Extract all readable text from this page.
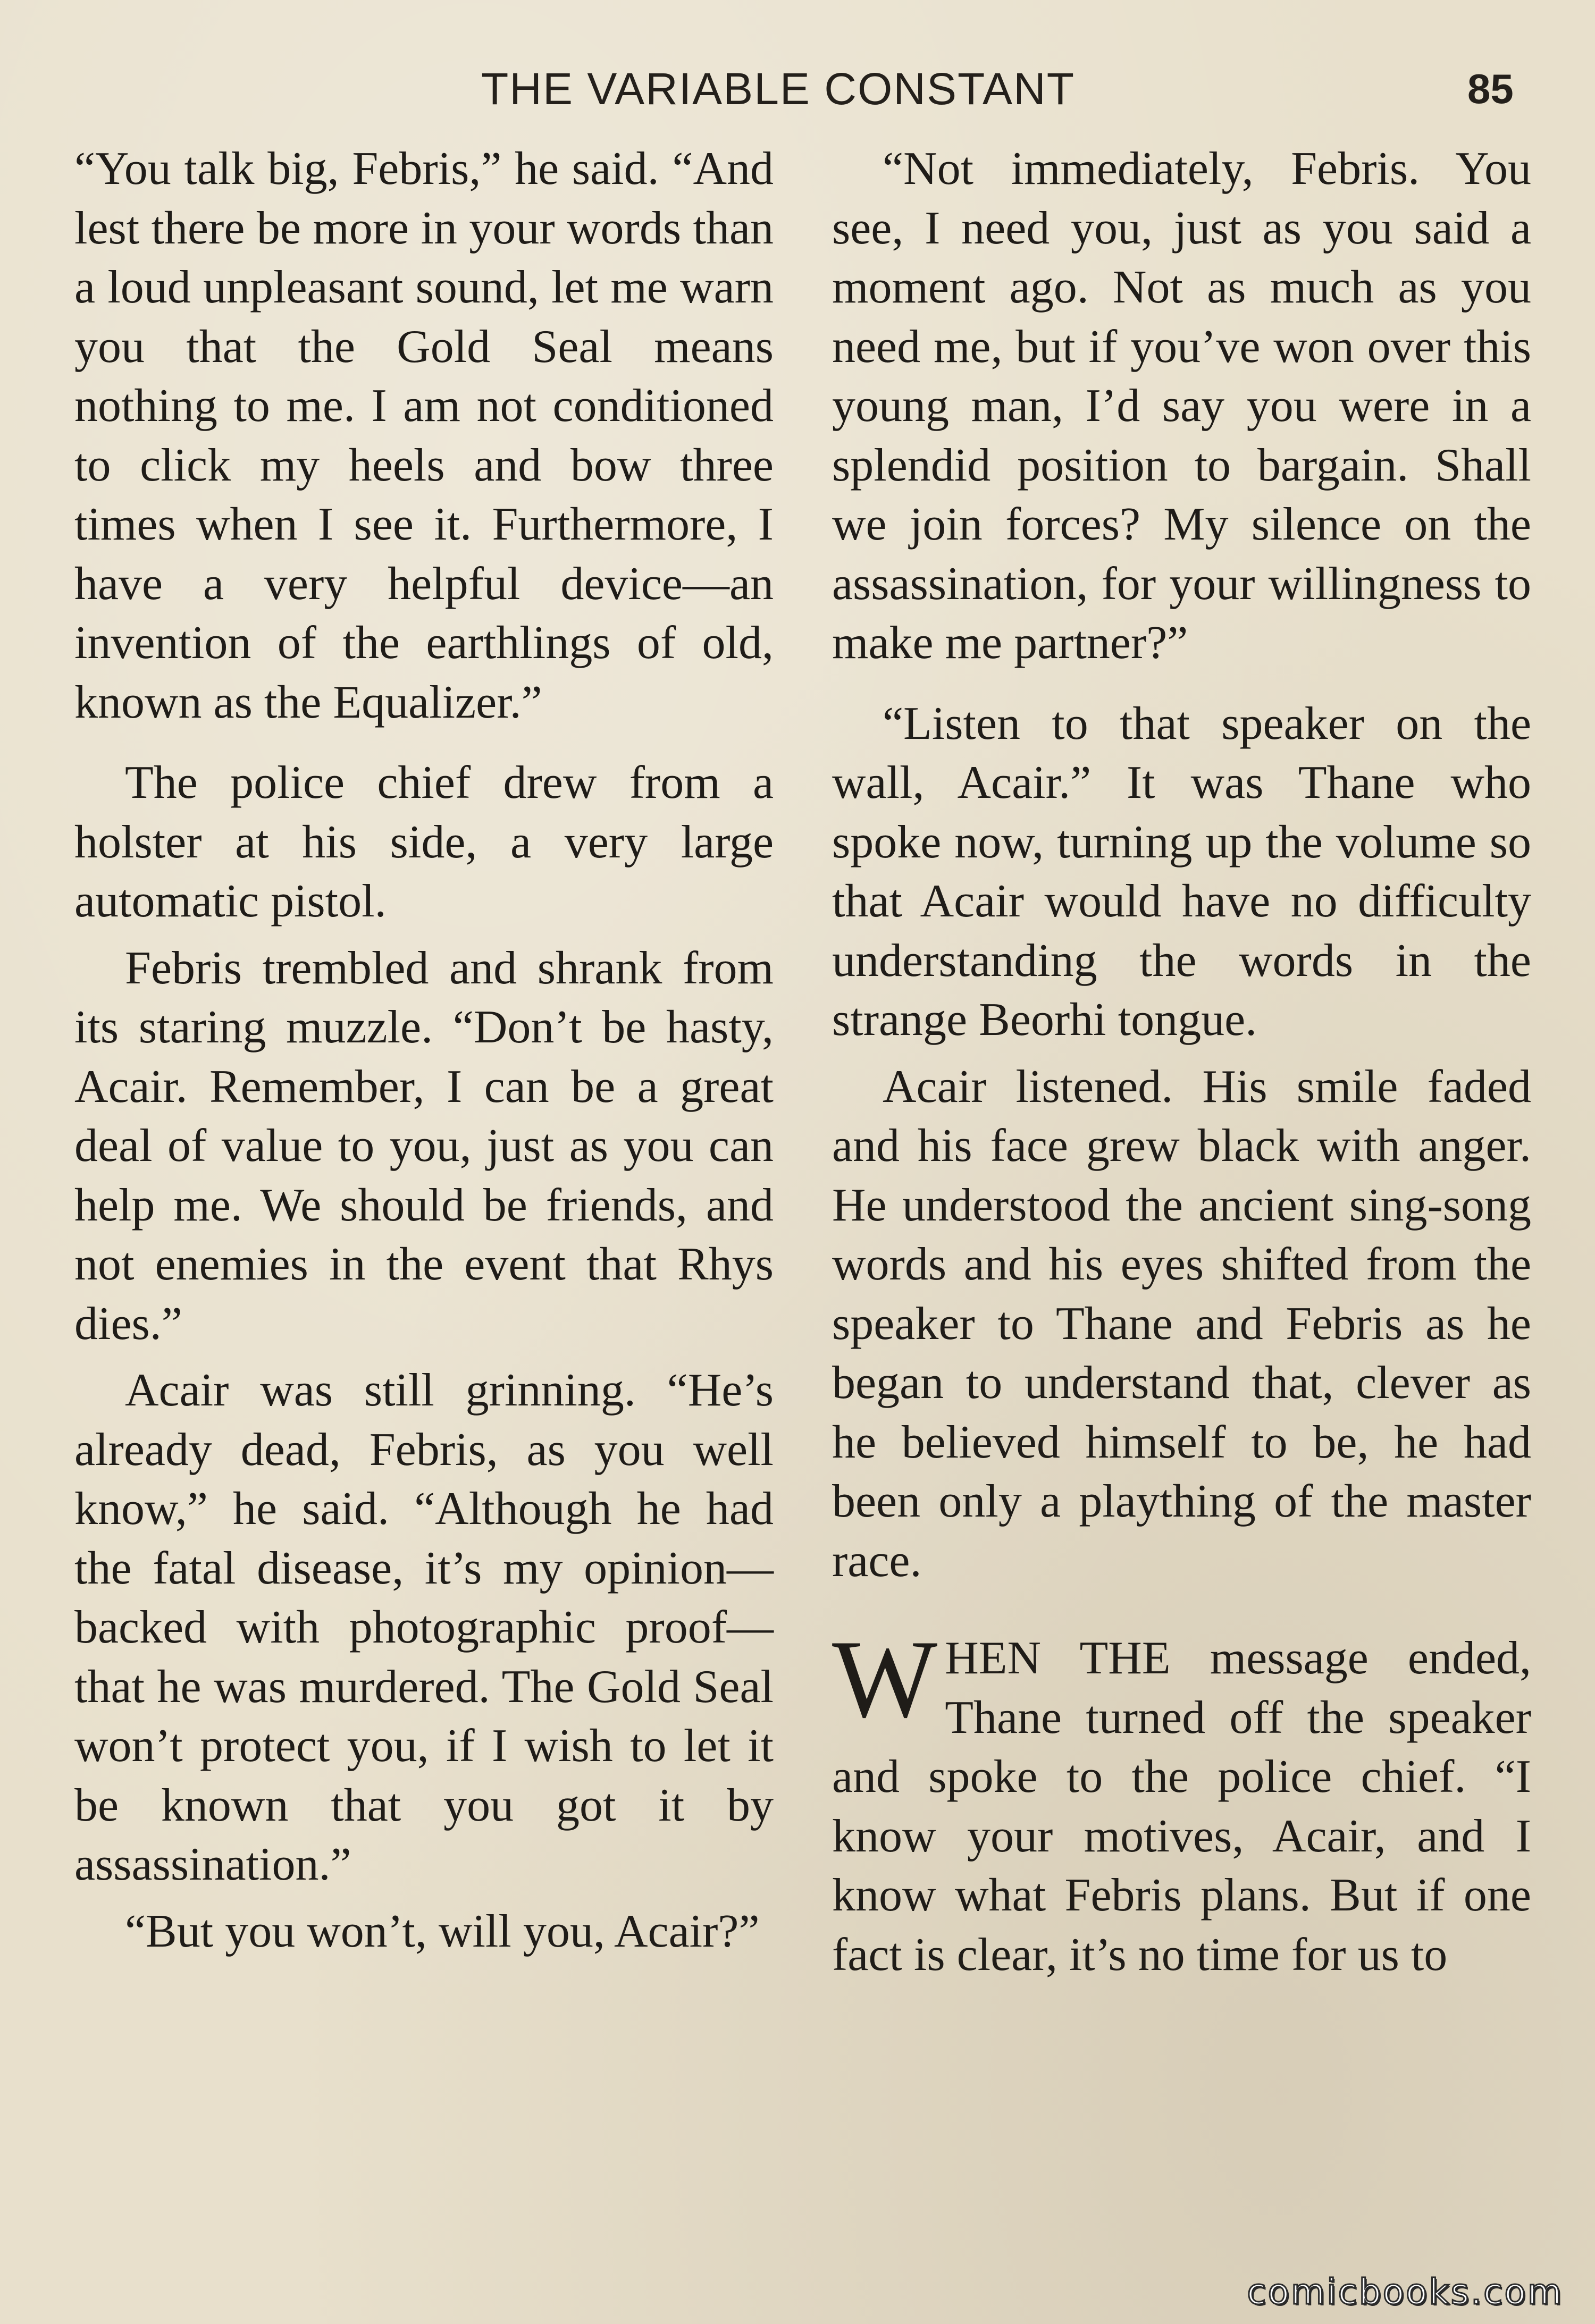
THE VARIABLE CONSTANT	85

“You talk big, Febris,” he said. “And lest there be more in your words than a loud unpleasant sound, let me warn you that the Gold Seal means nothing to me. I am not conditioned to click my heels and bow three times when I see it. Furthermore, I have a very helpful device—an invention of the earthlings of old, known as the Equalizer.”

The police chief drew from a holster at his side, a very large automatic pistol.

Febris trembled and shrank from its staring muzzle. “Don’t be hasty, Acair. Remember, I can be a great deal of value to you, just as you can help me. We should be friends, and not enemies in the event that Rhys dies.”

Acair was still grinning. “He’s already dead, Febris, as you well know,” he said. “Although he had the fatal disease, it’s my opinion—backed with photographic proof—that he was murdered. The Gold Seal won’t protect you, if I wish to let it be known that you got it by assassination.”

“But you won’t, will you, Acair?”

“Not immediately, Febris. You see, I need you, just as you said a moment ago. Not as much as you need me, but if you’ve won over this young man, I’d say you were in a splendid position to bargain. Shall we join forces? My silence on the assassination, for your willingness to make me partner?”

“Listen to that speaker on the wall, Acair.” It was Thane who spoke now, turning up the volume so that Acair would have no difficulty understanding the words in the strange Beorhi tongue.

Acair listened. His smile faded and his face grew black with anger. He understood the ancient sing-song words and his eyes shifted from the speaker to Thane and Febris as he began to understand that, clever as he believed himself to be, he had been only a plaything of the master race.

WHEN THE message ended, Thane turned off the speaker and spoke to the police chief. “I know your motives, Acair, and I know what Febris plans. But if one fact is clear, it’s no time for us to

comicbooks.com
